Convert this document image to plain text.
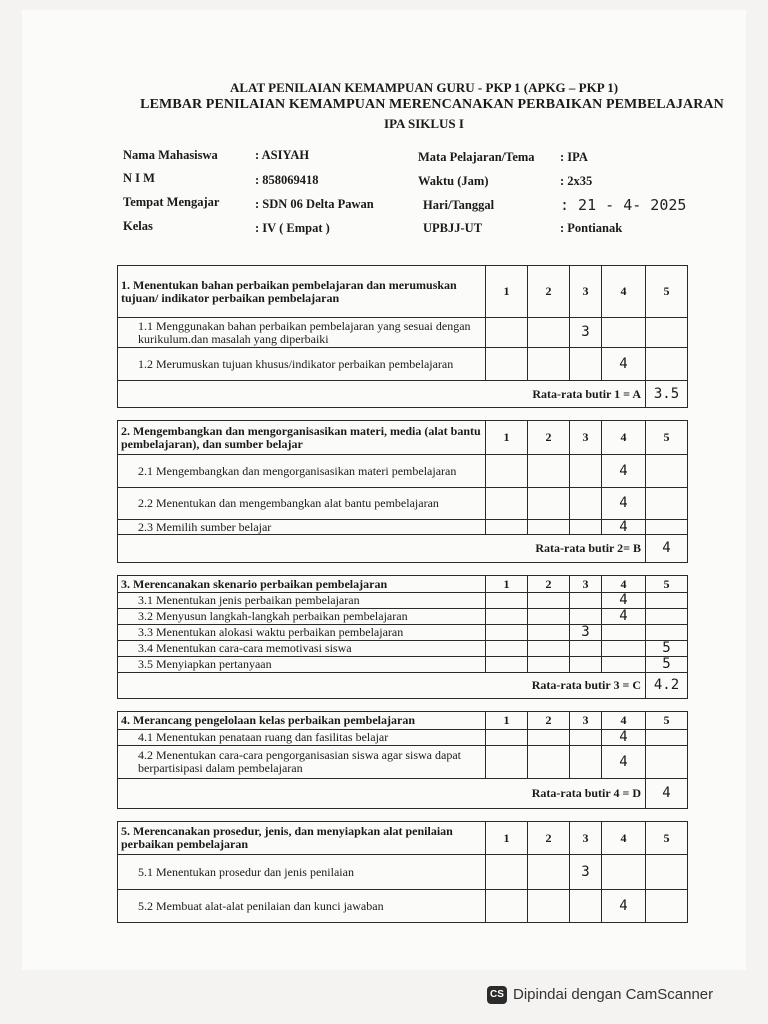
ALAT PENILAIAN KEMAMPUAN GURU - PKP 1 (APKG – PKP 1)
LEMBAR PENILAIAN KEMAMPUAN MERENCANAKAN PERBAIKAN PEMBELAJARAN
IPA SIKLUS I
Nama Mahasiswa	: ASIYAH
N I M	: 858069418
Tempat Mengajar	: SDN 06 Delta Pawan
Kelas	: IV ( Empat )
Mata Pelajaran/Tema : IPA
Waktu (Jam)	: 2x35
Hari/Tanggal	: 21 - 4- 2025
UPBJJ-UT	: Pontianak
1. Menentukan bahan perbaikan pembelajaran dan merumuskan tujuan/ indikator perbaikan pembelajaran	1	2	3	4	5
1.1 Menggunakan bahan perbaikan pembelajaran yang sesuai dengan kurikulum.dan masalah yang diperbaiki			3		
1.2 Merumuskan tujuan khusus/indikator perbaikan pembelajaran				4	
Rata-rata butir 1 = A					3.5

2. Mengembangkan dan mengorganisasikan materi, media (alat bantu pembelajaran), dan sumber belajar	1	2	3	4	5
2.1 Mengembangkan dan mengorganisasikan materi pembelajaran				4	
2.2 Menentukan dan mengembangkan alat bantu pembelajaran				4	
2.3 Memilih sumber belajar				4	
Rata-rata butir 2= B					4

3. Merencanakan skenario perbaikan pembelajaran	1	2	3	4	5
3.1 Menentukan jenis perbaikan pembelajaran				4	
3.2 Menyusun langkah-langkah perbaikan pembelajaran				4	
3.3 Menentukan alokasi waktu perbaikan pembelajaran			3		
3.4 Menentukan cara-cara memotivasi siswa					5
3.5 Menyiapkan pertanyaan					5
Rata-rata butir 3 = C					4.2

4. Merancang pengelolaan kelas perbaikan pembelajaran	1	2	3	4	5
4.1 Menentukan penataan ruang dan fasilitas belajar				4	
4.2 Menentukan cara-cara pengorganisasian siswa agar siswa dapat berpartisipasi dalam pembelajaran				4	
Rata-rata butir 4 = D					4

5. Merencanakan prosedur, jenis, dan menyiapkan alat penilaian perbaikan pembelajaran	1	2	3	4	5
5.1 Menentukan prosedur dan jenis penilaian			3		
5.2 Membuat alat-alat penilaian dan kunci jawaban				4	
CS Dipindai dengan CamScanner
